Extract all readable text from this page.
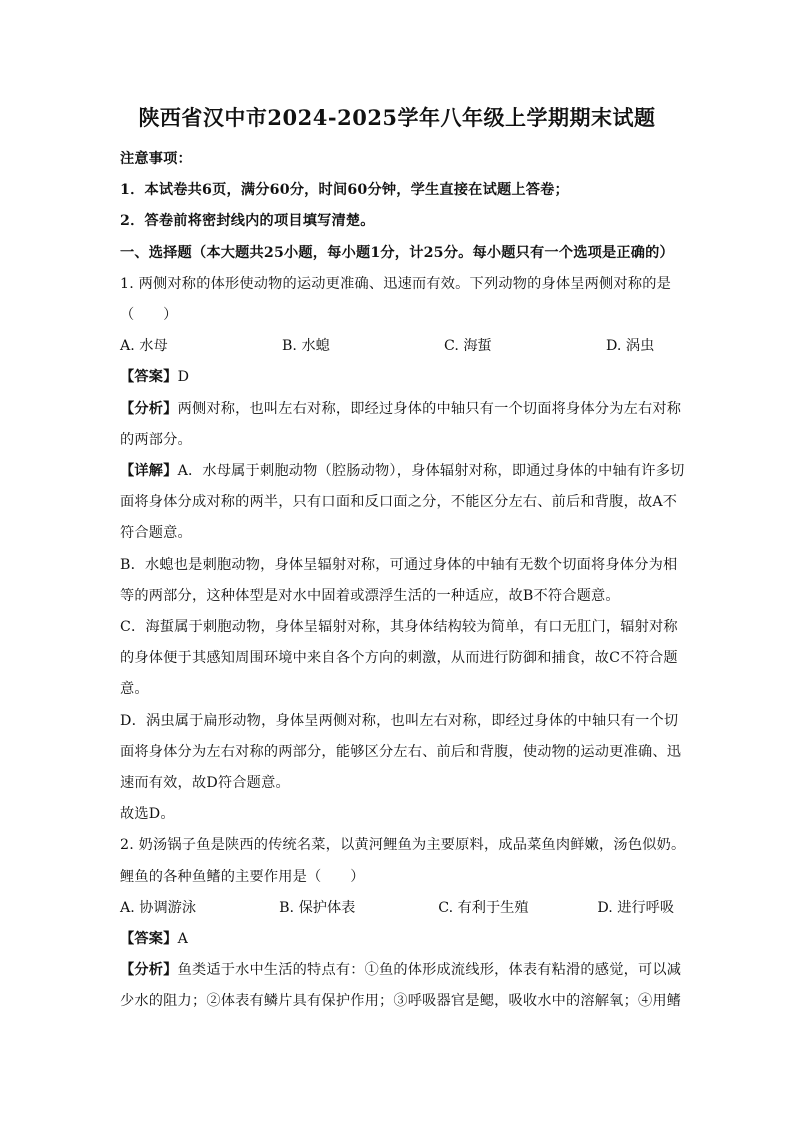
陕西省汉中市2024-2025学年八年级上学期期末试题

注意事项：

1．本试卷共6页，满分60分，时间60分钟，学生直接在试题上答卷；

2．答卷前将密封线内的项目填写清楚。

一、选择题（本大题共25小题，每小题1分，计25分。每小题只有一个选项是正确的）

1. 两侧对称的体形使动物的运动更准确、迅速而有效。下列动物的身体呈两侧对称的是

（　　）

A. 水母	B. 水螅	C. 海蜇	D. 涡虫

【答案】D

【分析】两侧对称，也叫左右对称，即经过身体的中轴只有一个切面将身体分为左右对称

的两部分。

【详解】A．水母属于刺胞动物（腔肠动物），身体辐射对称，即通过身体的中轴有许多切

面将身体分成对称的两半，只有口面和反口面之分，不能区分左右、前后和背腹，故A不

符合题意。

B．水螅也是刺胞动物，身体呈辐射对称，可通过身体的中轴有无数个切面将身体分为相

等的两部分，这种体型是对水中固着或漂浮生活的一种适应，故B不符合题意。

C．海蜇属于刺胞动物，身体呈辐射对称，其身体结构较为简单，有口无肛门，辐射对称

的身体便于其感知周围环境中来自各个方向的刺激，从而进行防御和捕食，故C不符合题

意。

D．涡虫属于扁形动物，身体呈两侧对称，也叫左右对称，即经过身体的中轴只有一个切

面将身体分为左右对称的两部分，能够区分左右、前后和背腹，使动物的运动更准确、迅

速而有效，故D符合题意。

故选D。

2. 奶汤锅子鱼是陕西的传统名菜，以黄河鲤鱼为主要原料，成品菜鱼肉鲜嫩，汤色似奶。

鲤鱼的各种鱼鳍的主要作用是（　　）

A. 协调游泳	B. 保护体表	C. 有利于生殖	D. 进行呼吸

【答案】A

【分析】鱼类适于水中生活的特点有：①鱼的体形成流线形，体表有粘滑的感觉，可以减

少水的阻力；②体表有鳞片具有保护作用；③呼吸器官是鳃，吸收水中的溶解氧；④用鳍
